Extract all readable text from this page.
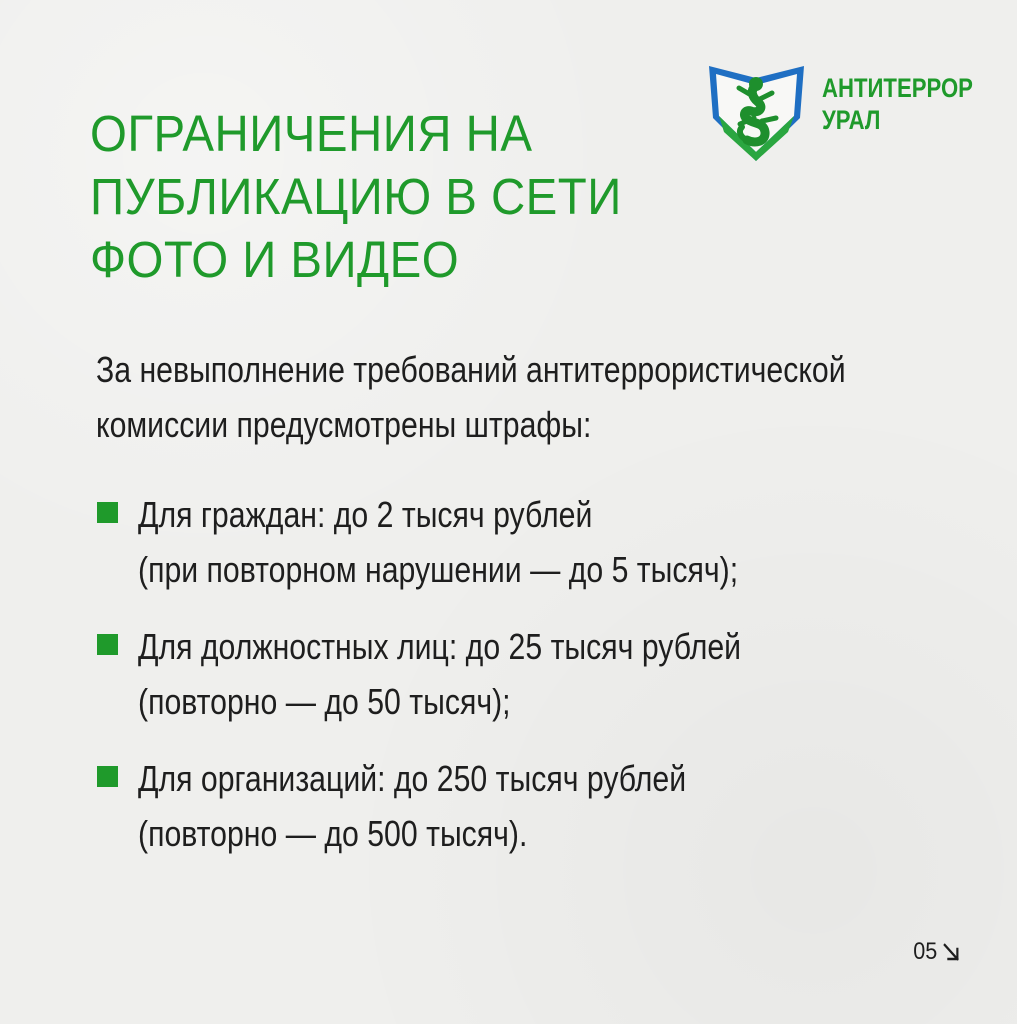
ОГРАНИЧЕНИЯ НА
ПУБЛИКАЦИЮ В СЕТИ
ФОТО И ВИДЕО
АНТИТЕРРОР
УРАЛ

За невыполнение требований антитеррористической
комиссии предусмотрены штрафы:

Для граждан: до 2 тысяч рублей
(при повторном нарушении — до 5 тысяч);
Для должностных лиц: до 25 тысяч рублей
(повторно — до 50 тысяч);
Для организаций: до 250 тысяч рублей
(повторно — до 500 тысяч).
05
